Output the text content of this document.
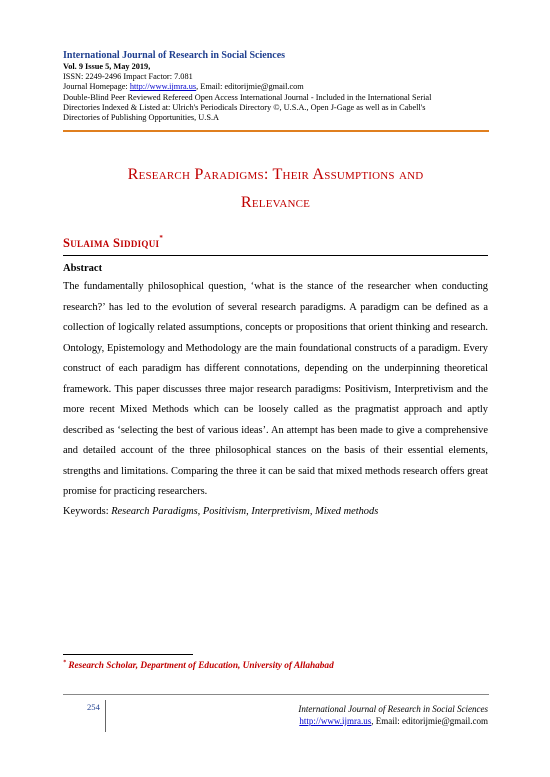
International Journal of Research in Social Sciences
Vol. 9 Issue 5, May 2019,
ISSN: 2249-2496 Impact Factor: 7.081
Journal Homepage: http://www.ijmra.us, Email: editorijmie@gmail.com
Double-Blind Peer Reviewed Refereed Open Access International Journal - Included in the International Serial
Directories Indexed & Listed at: Ulrich's Periodicals Directory ©, U.S.A., Open J-Gage as well as in Cabell's
Directories of Publishing Opportunities, U.S.A
Research Paradigms: Their Assumptions and
Relevance
Sulaima Siddiqui*
Abstract
The fundamentally philosophical question, ‘what is the stance of the researcher when conducting research?’ has led to the evolution of several research paradigms. A paradigm can be defined as a collection of logically related assumptions, concepts or propositions that orient thinking and research. Ontology, Epistemology and Methodology are the main foundational constructs of a paradigm. Every construct of each paradigm has different connotations, depending on the underpinning theoretical framework. This paper discusses three major research paradigms: Positivism, Interpretivism and the more recent Mixed Methods which can be loosely called as the pragmatist approach and aptly described as ‘selecting the best of various ideas’. An attempt has been made to give a comprehensive and detailed account of the three philosophical stances on the basis of their essential elements, strengths and limitations. Comparing the three it can be said that mixed methods research offers great promise for practicing researchers.
Keywords: Research Paradigms, Positivism, Interpretivism, Mixed methods
* Research Scholar, Department of Education, University of Allahabad
254	International Journal of Research in Social Sciences
http://www.ijmra.us, Email: editorijmie@gmail.com
